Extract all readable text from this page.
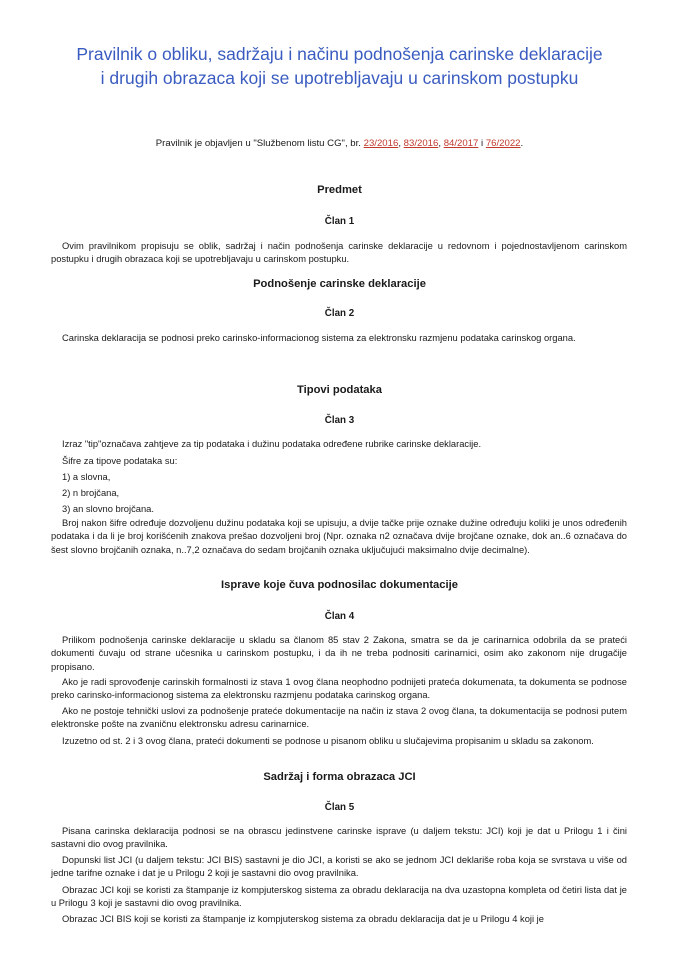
Pravilnik o obliku, sadržaju i načinu podnošenja carinske deklaracije
i drugih obrazaca koji se upotrebljavaju u carinskom postupku
Pravilnik je objavljen u "Službenom listu CG", br. 23/2016, 83/2016, 84/2017 i 76/2022.
Predmet
Član 1

Ovim pravilnikom propisuju se oblik, sadržaj i način podnošenja carinske deklaracije u redovnom i pojednostavljenom carinskom postupku i drugih obrazaca koji se upotrebljavaju u carinskom postupku.

Podnošenje carinske deklaracije
Član 2

Carinska deklaracija se podnosi preko carinsko-informacionog sistema za elektronsku razmjenu podataka carinskog organa.

Tipovi podataka
Član 3

Izraz "tip"označava zahtjeve za tip podataka i dužinu podataka određene rubrike carinske deklaracije.

Šifre za tipove podataka su:

1) a slovna,

2) n brojčana,

3) an slovno brojčana.

Broj nakon šifre određuje dozvoljenu dužinu podataka koji se upisuju, a dvije tačke prije oznake dužine određuju koliki je unos određenih podataka i da li je broj korišćenih znakova prešao dozvoljeni broj (Npr. oznaka n2 označava dvije brojčane oznake, dok an..6 označava do šest slovno brojčanih oznaka, n..7,2 označava do sedam brojčanih oznaka uključujući maksimalno dvije decimalne).

Isprave koje čuva podnosilac dokumentacije
Član 4

Prilikom podnošenja carinske deklaracije u skladu sa članom 85 stav 2 Zakona, smatra se da je carinarnica odobrila da se prateći dokumenti čuvaju od strane učesnika u carinskom postupku, i da ih ne treba podnositi carinarnici, osim ako zakonom nije drugačije propisano.

Ako je radi sprovođenje carinskih formalnosti iz stava 1 ovog člana neophodno podnijeti prateća dokumenata, ta dokumenta se podnose preko carinsko-informacionog sistema za elektronsku razmjenu podataka carinskog organa.

Ako ne postoje tehnički uslovi za podnošenje prateće dokumentacije na način iz stava 2 ovog člana, ta dokumentacija se podnosi putem elektronske pošte na zvaničnu elektronsku adresu carinarnice.

Izuzetno od st. 2 i 3 ovog člana, prateći dokumenti se podnose u pisanom obliku u slučajevima propisanim u skladu sa zakonom.

Sadržaj i forma obrazaca JCI
Član 5

Pisana carinska deklaracija podnosi se na obrascu jedinstvene carinske isprave (u daljem tekstu: JCI) koji je dat u Prilogu 1 i čini sastavni dio ovog pravilnika.

Dopunski list JCI (u daljem tekstu: JCI BIS) sastavni je dio JCI, a koristi se ako se jednom JCI deklariše roba koja se svrstava u više od jedne tarifne oznake i dat je u Prilogu 2 koji je sastavni dio ovog pravilnika.

Obrazac JCI koji se koristi za štampanje iz kompjuterskog sistema za obradu deklaracija na dva uzastopna kompleta od četiri lista dat je u Prilogu 3 koji je sastavni dio ovog pravilnika.

Obrazac JCI BIS koji se koristi za štampanje iz kompjuterskog sistema za obradu deklaracija dat je u Prilogu 4 koji je
